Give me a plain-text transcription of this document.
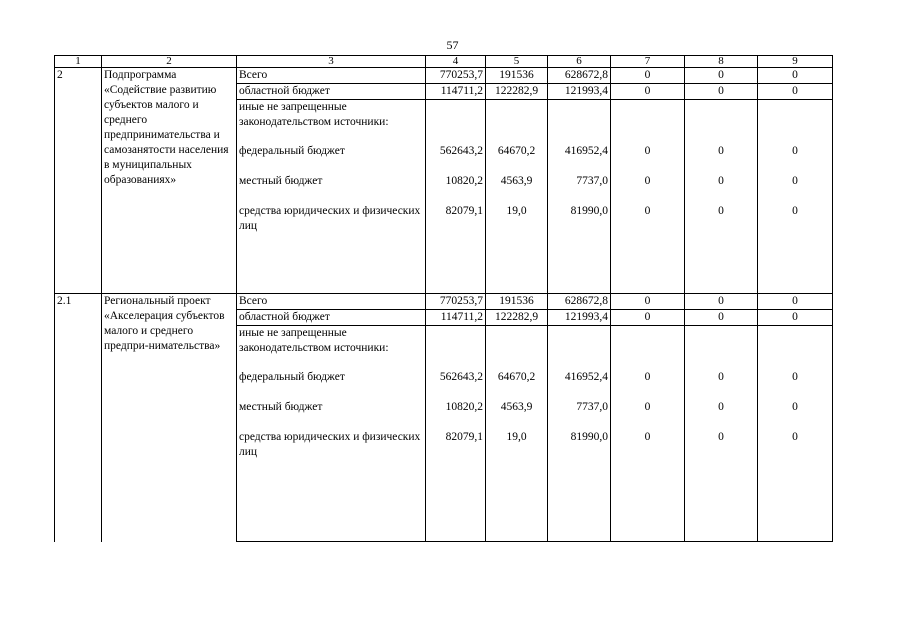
57
1	2	3	4	5	6	7	8	9
2	Подпрограмма «Содействие развитию субъектов малого и среднего предпринимательства и самозанятости населения в муниципальных образованиях»	Всего	770253,7	191536	628672,8	0	0	0
		областной бюджет	114711,2	122282,9	121993,4	0	0	0
		иные не запрещенные законодательством источники:						
		федеральный бюджет	562643,2	64670,2	416952,4	0	0	0
		местный бюджет	10820,2	4563,9	7737,0	0	0	0
		средства юридических и физических лиц	82079,1	19,0	81990,0	0	0	0
2.1	Региональный проект «Акселерация субъектов малого и среднего предпри-нимательства»	Всего	770253,7	191536	628672,8	0	0	0
		областной бюджет	114711,2	122282,9	121993,4	0	0	0
		иные не запрещенные законодательством источники:						
		федеральный бюджет	562643,2	64670,2	416952,4	0	0	0
		местный бюджет	10820,2	4563,9	7737,0	0	0	0
		средства юридических и физических лиц	82079,1	19,0	81990,0	0	0	0
